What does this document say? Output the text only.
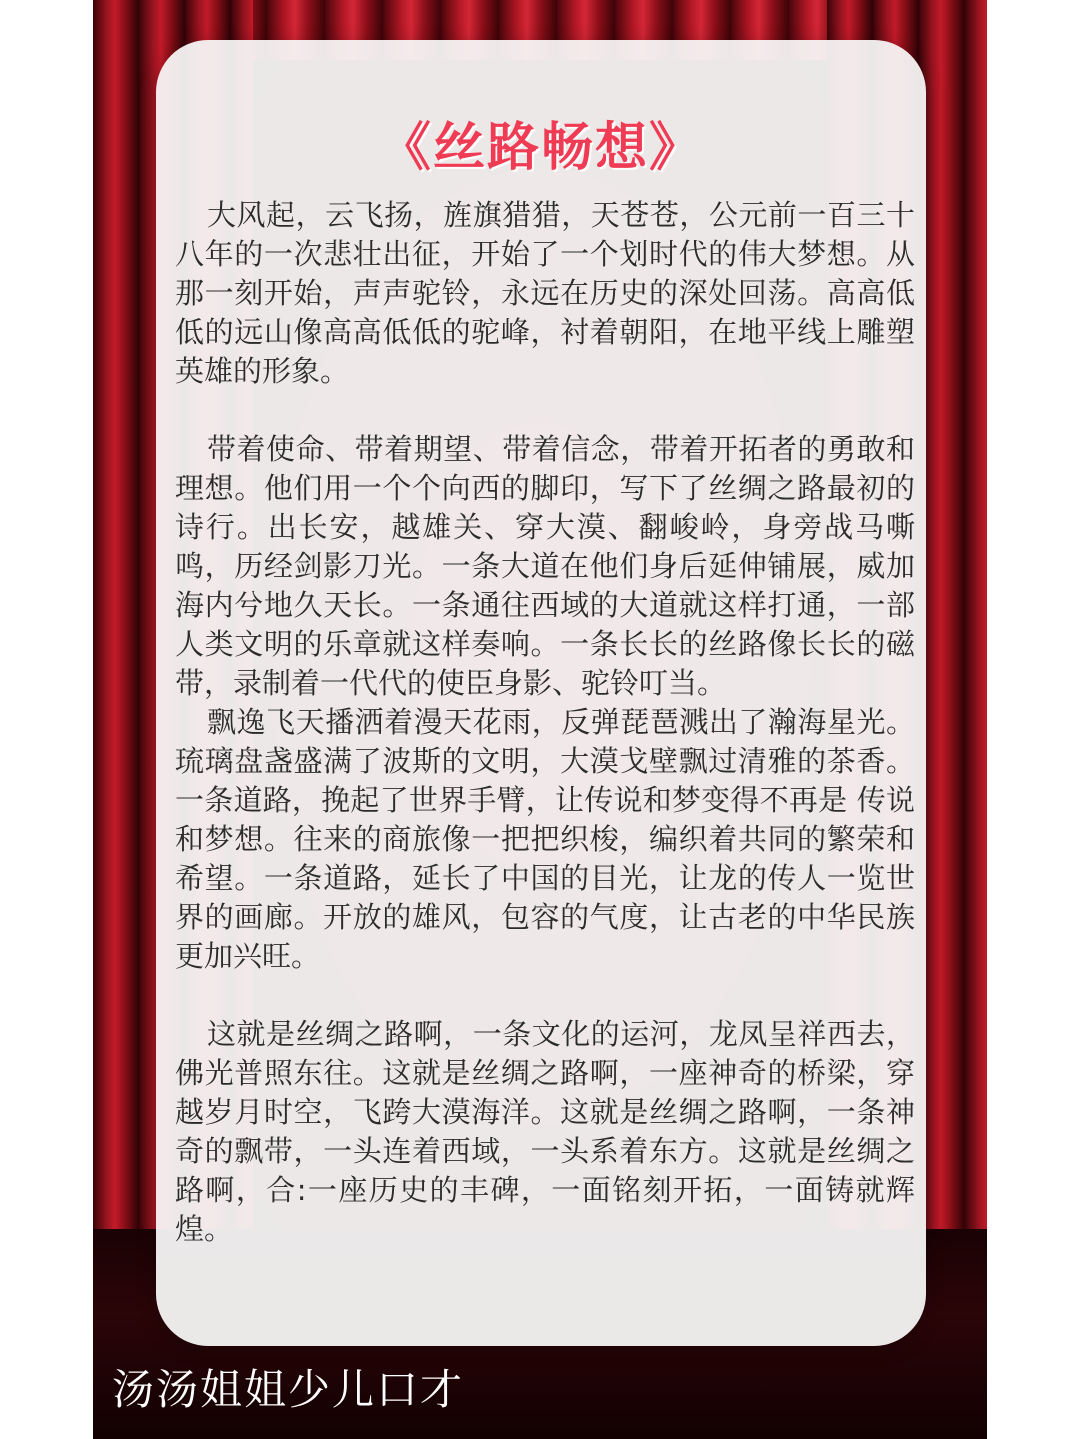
《丝路畅想》

大风起，云飞扬，旌旗猎猎，天苍苍，公元前一百三十八年的一次悲壮出征，开始了一个划时代的伟大梦想。从那一刻开始，声声驼铃，永远在历史的深处回荡。高高低低的远山像高高低低的驼峰，衬着朝阳，在地平线上雕塑英雄的形象。

带着使命、带着期望、带着信念，带着开拓者的勇敢和理想。他们用一个个向西的脚印，写下了丝绸之路最初的诗行。出长安，越雄关、穿大漠、翻峻岭，身旁战马嘶鸣，历经剑影刀光。一条大道在他们身后延伸铺展，威加海内兮地久天长。一条通往西域的大道就这样打通，一部人类文明的乐章就这样奏响。一条长长的丝路像长长的磁带，录制着一代代的使臣身影、驼铃叮当。

飘逸飞天播洒着漫天花雨，反弹琵琶溅出了瀚海星光。琉璃盘盏盛满了波斯的文明，大漠戈壁飘过清雅的茶香。一条道路，挽起了世界手臂，让传说和梦变得不再是 传说和梦想。往来的商旅像一把把织梭，编织着共同的繁荣和希望。一条道路，延长了中国的目光，让龙的传人一览世界的画廊。开放的雄风，包容的气度，让古老的中华民族更加兴旺。

这就是丝绸之路啊，一条文化的运河，龙凤呈祥西去，佛光普照东往。这就是丝绸之路啊，一座神奇的桥梁，穿越岁月时空，飞跨大漠海洋。这就是丝绸之路啊，一条神奇的飘带，一头连着西域，一头系着东方。这就是丝绸之路啊，合:一座历史的丰碑，一面铭刻开拓，一面铸就辉煌。

汤汤姐姐少儿口才
